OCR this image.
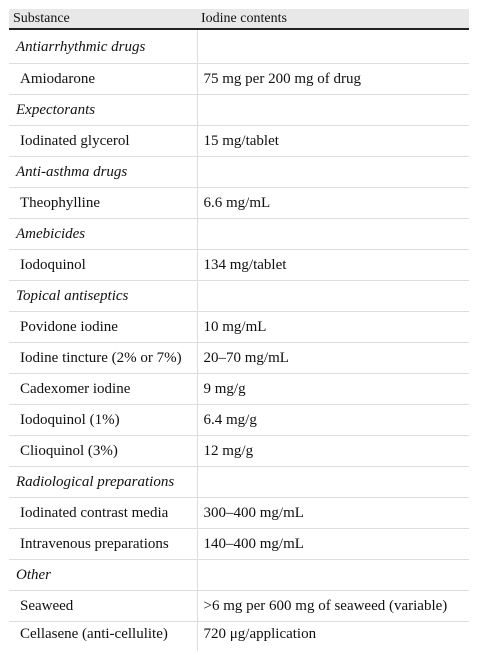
Substance	Iodine contents
Antiarrhythmic drugs	
Amiodarone	75 mg per 200 mg of drug
Expectorants	
Iodinated glycerol	15 mg/tablet
Anti-asthma drugs	
Theophylline	6.6 mg/mL
Amebicides	
Iodoquinol	134 mg/tablet
Topical antiseptics	
Povidone iodine	10 mg/mL
Iodine tincture (2% or 7%)	20–70 mg/mL
Cadexomer iodine	9 mg/g
Iodoquinol (1%)	6.4 mg/g
Clioquinol (3%)	12 mg/g
Radiological preparations	
Iodinated contrast media	300–400 mg/mL
Intravenous preparations	140–400 mg/mL
Other	
Seaweed	>6 mg per 600 mg of seaweed (variable)
Cellasene (anti-cellulite)	720 μg/application
